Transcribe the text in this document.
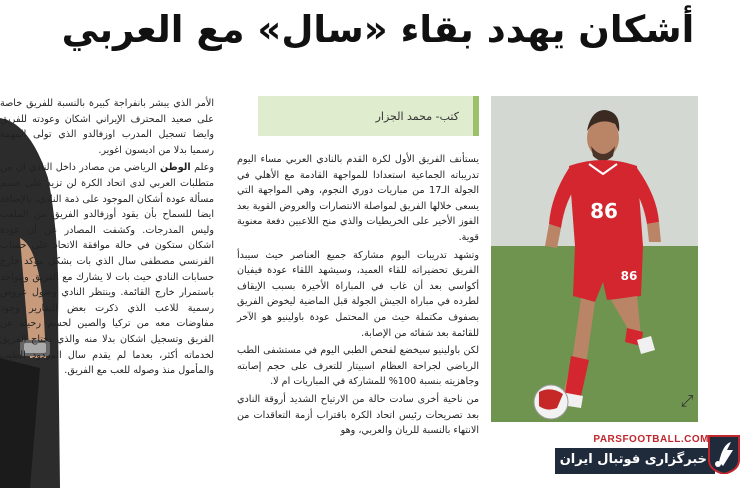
أشكان يهدد بقاء «سال» مع العربي

الأمر الذي يبشر بانفراجة كبيرة بالنسبة للفريق خاصة على صعيد المحترف الإيراني اشكان وعودته للفريق وايضا تسجيل المدرب اوزفالدو الذي تولى المهمة رسميا بدلا من اديسون اغوير.

وعلم الوطن الرياضي من مصادر داخل النادي ان من متطلبات العربي لدى اتحاد الكرة لن تزيد على حسم مسألة عودة أشكان الموجود على ذمة النادي، بالإضافة ايضا للسماح بأن يقود أوزفالدو الفريق من الملعب وليس المدرجات. وكشفت المصادر عن أن عودة اشكان ستكون في حالة موافقة الاتحاد على حساب الفرنسي مصطفى سال الذي بات بشكل مؤكد خارج حسابات النادي حيث بات لا يشارك مع الفريق ويتواجد باستمرار خارج القائمة. وينتظر النادي وصول عروض رسمية للاعب الذي ذكرت بعض التقارير وجود مفاوضات معه من تركيا والصين لحسم رحيله عن الفريق وتسجيل اشكان بدلا منه والذي يحتاج الفريق لخدماته أكثر، بعدما لم يقدم سال المردود الطيب والمأمول منذ وصوله للعب مع الفريق.

كتب- محمد الجزار

يستأنف الفريق الأول لكرة القدم بالنادي العربي مساء اليوم تدريباته الجماعية استعدادا للمواجهة القادمة مع الأهلي في الجولة الـ17 من مباريات دوري النجوم، وهي المواجهة التي يسعى خلالها الفريق لمواصلة الانتصارات والعروض القوية بعد الفوز الأخير على الخريطيات والذي منح اللاعبين دفعة معنوية قوية.

وتشهد تدريبات اليوم مشاركة جميع العناصر حيث سيبدأ الفريق تحضيراته للقاء العميد، وسيشهد اللقاء عودة فيفيان أكواسي بعد أن غاب في المباراة الأخيرة بسبب الإيقاف لطرده في مباراة الجيش الجولة قبل الماضية ليخوض الفريق بصفوف مكتملة حيث من المحتمل عودة باولينيو هو الآخر للقائمة بعد شفائه من الإصابة.

لكن باولينيو سيخضع لفحص الطبي اليوم في مستشفى الطب الرياضي لجراحة العظام اسبيتار للتعرف على حجم إصابته وجاهزيته بنسبة 100% للمشاركة في المباريات ام لا.

من ناحية أخرى سادت حالة من الارتياح الشديد أروقة النادي بعد تصريحات رئيس اتحاد الكرة باقتراب أزمة التعاقدات من الانتهاء بالنسبة للريان والعربي، وهو

86
86
⤢
PARSFOOTBALL.COM
خبرگزاری فوتبال ایران
